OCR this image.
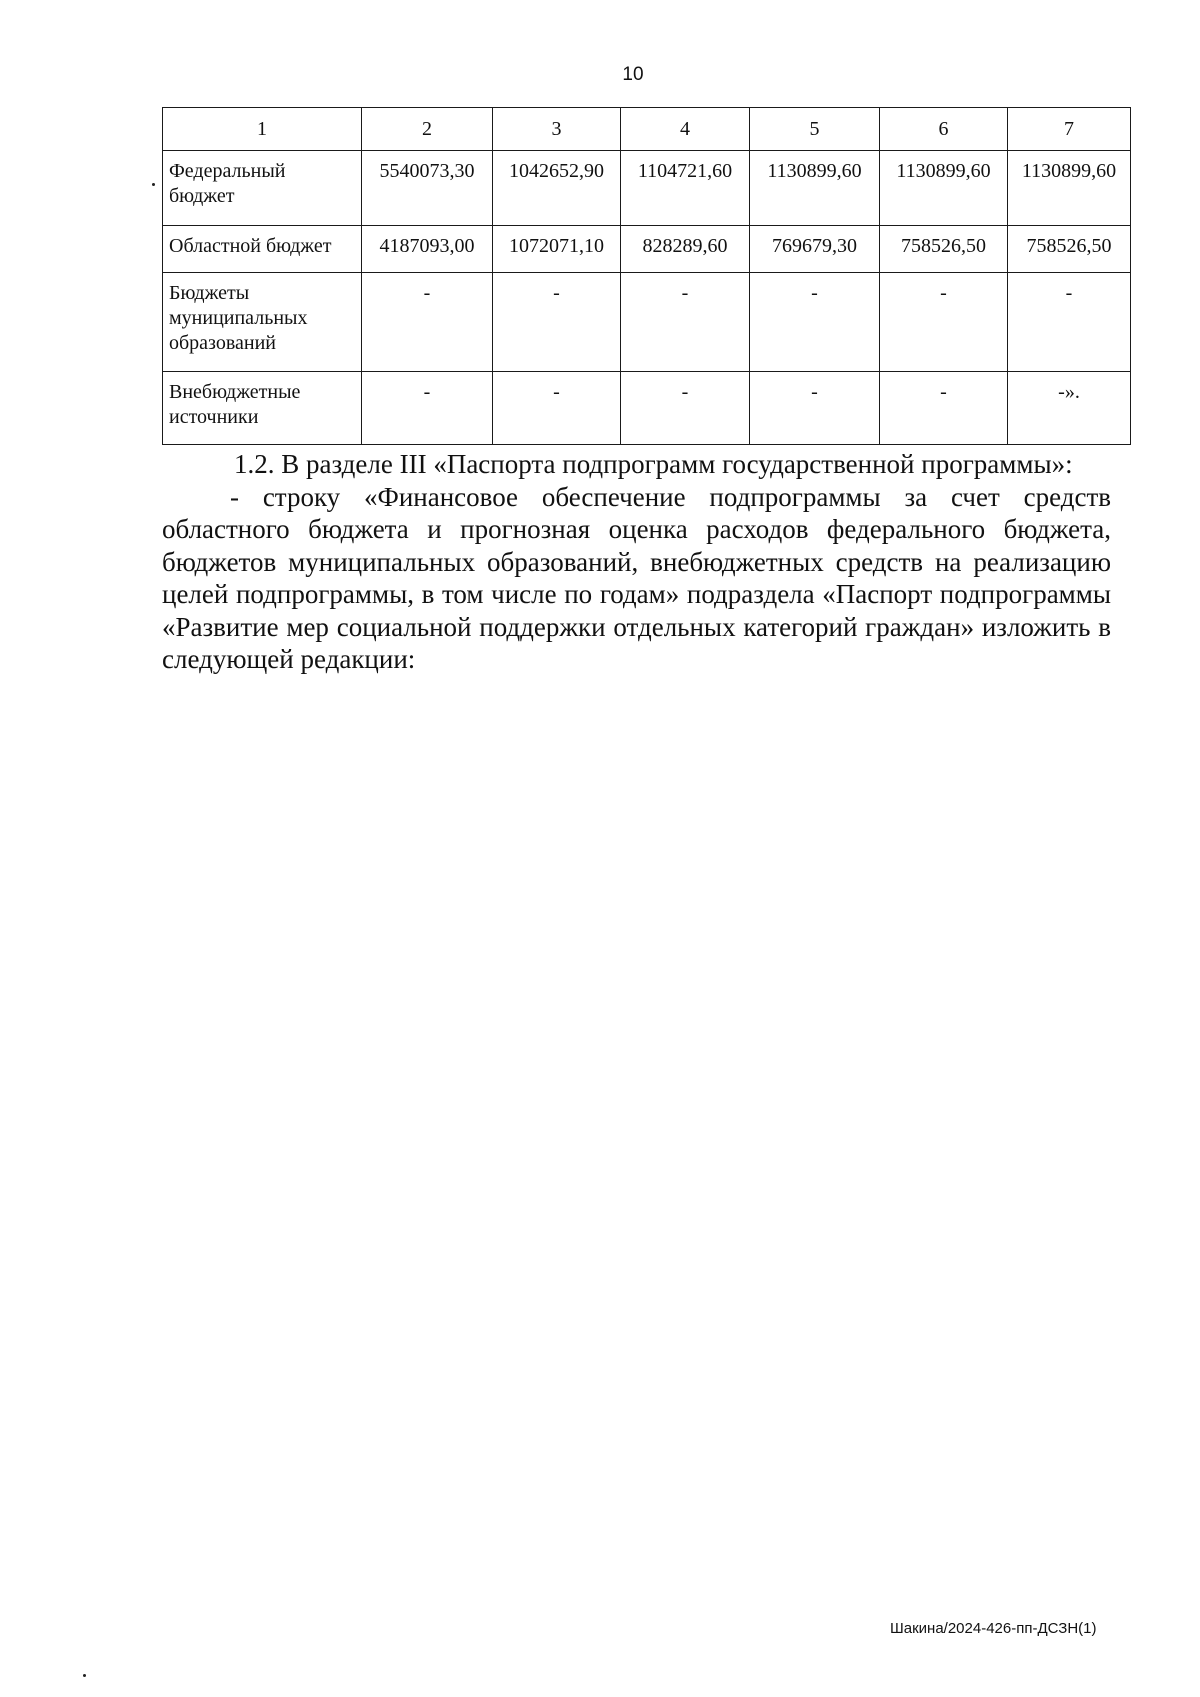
10
1	2	3	4	5	6	7
Федеральный бюджет	5540073,30	1042652,90	1104721,60	1130899,60	1130899,60	1130899,60
Областной бюджет	4187093,00	1072071,10	828289,60	769679,30	758526,50	758526,50
Бюджеты муниципальных образований	-	-	-	-	-	-
Внебюджетные источники	-	-	-	-	-	-».

1.2. В разделе III «Паспорта подпрограмм государственной программы»:

- строку «Финансовое обеспечение подпрограммы за счет средств областного бюджета и прогнозная оценка расходов федерального бюджета, бюджетов муниципальных образований, внебюджетных средств на реализацию целей подпрограммы, в том числе по годам» подраздела «Паспорт подпрограммы «Развитие мер социальной поддержки отдельных категорий граждан» изложить в следующей редакции:

Шакина/2024-426-пп-ДСЗН(1)
